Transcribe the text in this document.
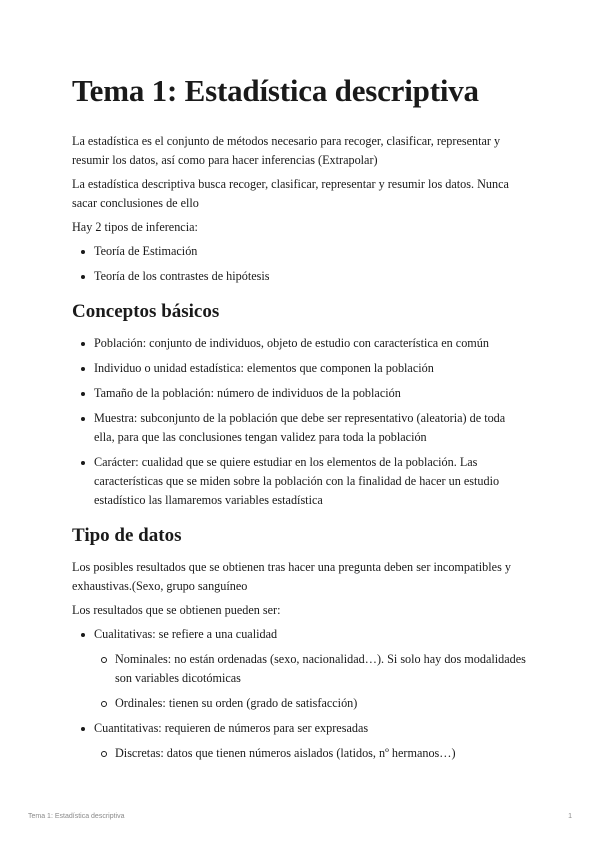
Tema 1: Estadística descriptiva

La estadística es el conjunto de métodos necesario para recoger, clasificar, representar y resumir los datos, así como para hacer inferencias (Extrapolar)

La estadística descriptiva busca recoger, clasificar, representar y resumir los datos. Nunca sacar conclusiones de ello

Hay 2 tipos de inferencia:

Teoría de Estimación
Teoría de los contrastes de hipótesis
Conceptos básicos
Población: conjunto de individuos, objeto de estudio con característica en común
Individuo o unidad estadística: elementos que componen la población
Tamaño de la población: número de individuos de la población
Muestra: subconjunto de la población que debe ser representativo (aleatoria) de toda ella, para que las conclusiones tengan validez para toda la población
Carácter: cualidad que se quiere estudiar en los elementos de la población. Las características que se miden sobre la población con la finalidad de hacer un estudio estadístico las llamaremos variables estadística
Tipo de datos

Los posibles resultados que se obtienen tras hacer una pregunta deben ser incompatibles y exhaustivas.(Sexo, grupo sanguíneo

Los resultados que se obtienen pueden ser:

Cualitativas: se refiere a una cualidad
Nominales: no están ordenadas (sexo, nacionalidad…). Si solo hay dos modalidades son variables dicotómicas
Ordinales: tienen su orden (grado de satisfacción)
Cuantitativas: requieren de números para ser expresadas
Discretas: datos que tienen números aislados (latidos, nº hermanos…)
Tema 1: Estadística descriptiva	1
